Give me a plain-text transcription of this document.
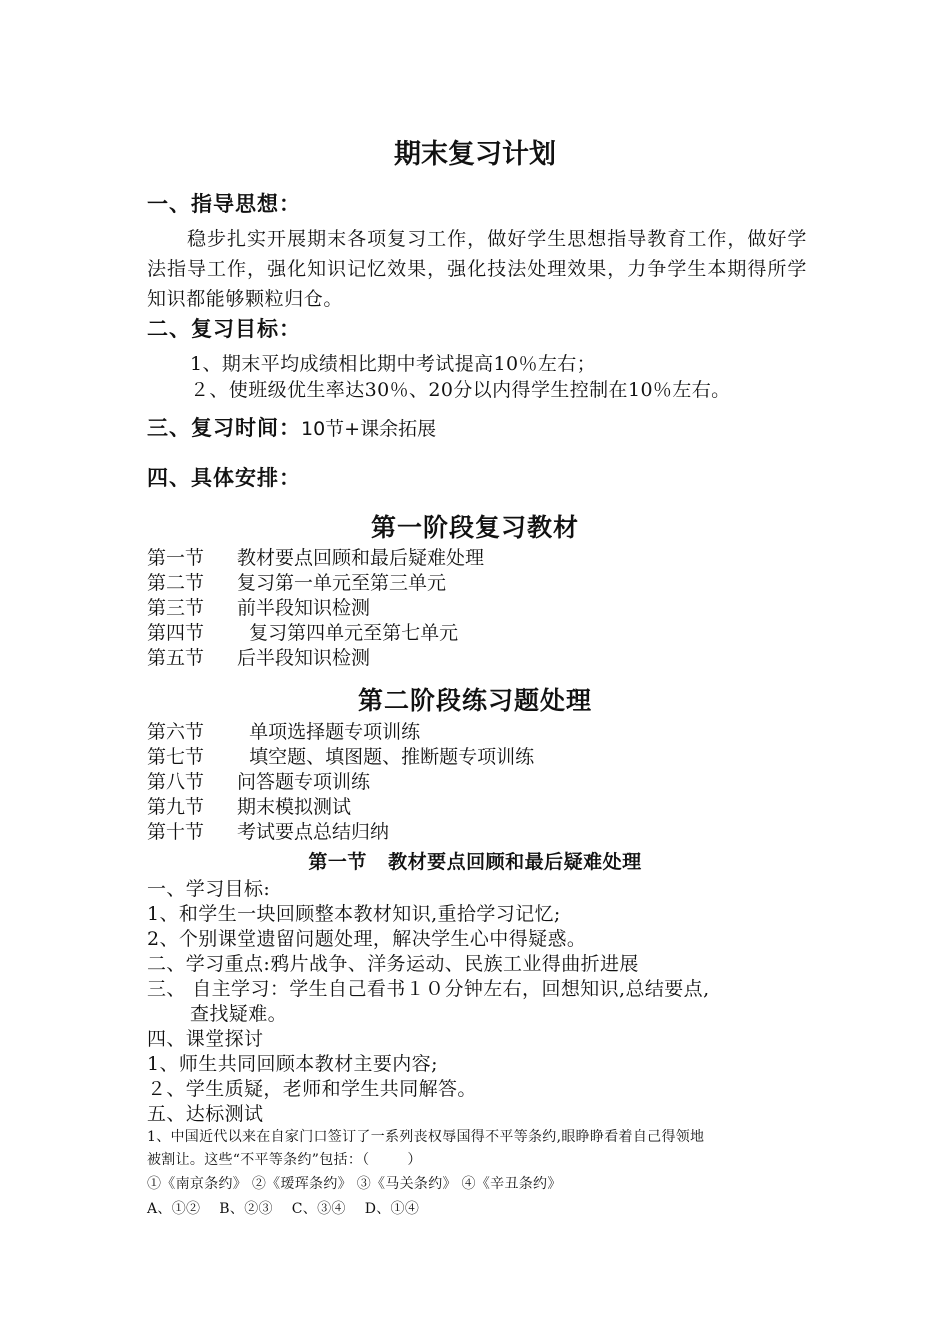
期末复习计划
一、指导思想：
稳步扎实开展期末各项复习工作，做好学生思想指导教育工作，做好学法指导工作，强化知识记忆效果，强化技法处理效果，力争学生本期得所学知识都能够颗粒归仓。
二、复习目标：
1、期末平均成绩相比期中考试提高10％左右；
２、使班级优生率达30％、20分以内得学生控制在10％左右。
三、复习时间：10节+课余拓展
四、具体安排：
第一阶段复习教材
第一节 教材要点回顾和最后疑难处理
第二节 复习第一单元至第三单元
第三节 前半段知识检测
第四节  复习第四单元至第七单元
第五节 后半段知识检测
第二阶段练习题处理
第六节  单项选择题专项训练
第七节  填空题、填图题、推断题专项训练
第八节 问答题专项训练
第九节 期末模拟测试
第十节 考试要点总结归纳
第一节   教材要点回顾和最后疑难处理
一、学习目标:
1、和学生一块回顾整本教材知识,重拾学习记忆;
2、个别课堂遗留问题处理，解决学生心中得疑惑。
二、学习重点:鸦片战争、洋务运动、民族工业得曲折进展
三、 自主学习：学生自己看书１０分钟左右，回想知识,总结要点,
查找疑难。
四、课堂探讨
1、师生共同回顾本教材主要内容;
２、学生质疑，老师和学生共同解答。
五、达标测试
1、中国近代以来在自家门口签订了一系列丧权辱国得不平等条约,眼睁睁看着自己得领地
被割让。这些“不平等条约”包括：（        ）
①《南京条约》 ②《瑷珲条约》 ③《马关条约》 ④《辛丑条约》
A、①②    B、②③    C、③④    D、①④
